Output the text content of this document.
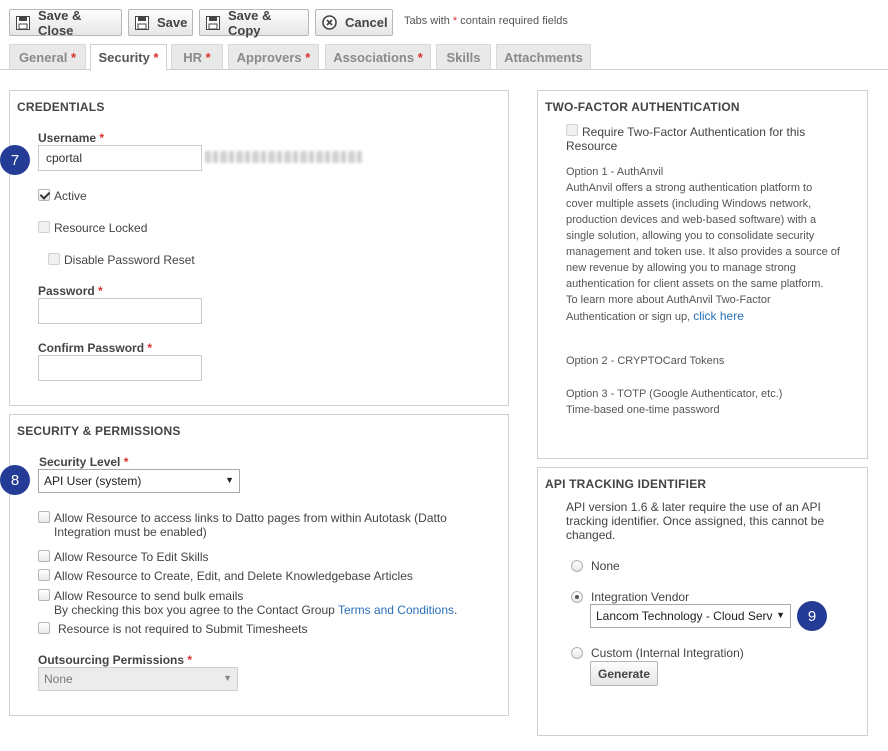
Save & Close	Save	Save & Copy	Cancel Tabs with * contain required fields
General
* Security
* HR
* Approvers
* Associations
* Skills Attachments
CREDENTIALS
Username *
cportal
Active
Resource Locked
Disable Password Reset
Password *
Confirm Password *
7
SECURITY & PERMISSIONS
Security Level *
API User (system)	▼
8
Allow Resource to access links to Datto pages from within Autotask (Datto
Integration must be enabled)
Allow Resource To Edit Skills
Allow Resource to Create, Edit, and Delete Knowledgebase Articles
Allow Resource to send bulk emails
By checking this box you agree to the Contact Group Terms and Conditions.
Resource is not required to Submit Timesheets
Outsourcing Permissions *
None	▼
TWO-FACTOR AUTHENTICATION
Require Two-Factor Authentication for this
Resource
Option 1 - AuthAnvil
AuthAnvil offers a strong authentication platform to
cover multiple assets (including Windows network,
production devices and web-based software) with a
single solution, allowing you to consolidate security
management and token use. It also provides a source of
new revenue by allowing you to manage strong
authentication for client assets on the same platform.
To learn more about AuthAnvil Two-Factor
Authentication or sign up, click here
Option 2 - CRYPTOCard Tokens
Option 3 - TOTP (Google Authenticator, etc.)
Time-based one-time password
API TRACKING IDENTIFIER
API version 1.6 & later require the use of an API
tracking identifier. Once assigned, this cannot be
changed.
None
Integration Vendor
Lancom Technology - Cloud Serv ▼	9
Custom (Internal Integration)
Generate
